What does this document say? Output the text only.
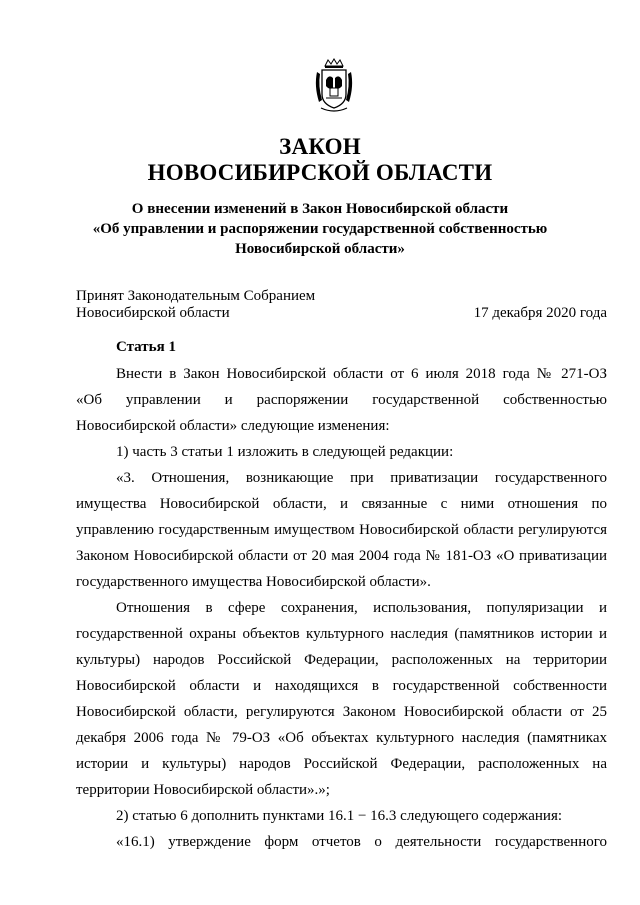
ЗАКОН
НОВОСИБИРСКОЙ ОБЛАСТИ
О внесении изменений в Закон Новосибирской области
«Об управлении и распоряжении государственной собственностью
Новосибирской области»
Принят Законодательным Собранием
Новосибирской области	17 декабря 2020 года
Статья 1
Внести в Закон Новосибирской области от 6 июля 2018 года № 271-ОЗ
«Об управлении и распоряжении государственной собственностью
Новосибирской области» следующие изменения:
1) часть 3 статьи 1 изложить в следующей редакции:
«3. Отношения, возникающие при приватизации государственного
имущества Новосибирской области, и связанные с ними отношения по
управлению государственным имуществом Новосибирской области регулируются
Законом Новосибирской области от 20 мая 2004 года № 181-ОЗ «О приватизации
государственного имущества Новосибирской области».
Отношения в сфере сохранения, использования, популяризации и
государственной охраны объектов культурного наследия (памятников истории и
культуры) народов Российской Федерации, расположенных на территории
Новосибирской области и находящихся в государственной собственности
Новосибирской области, регулируются Законом Новосибирской области от 25
декабря 2006 года № 79-ОЗ «Об объектах культурного наследия (памятниках
истории и культуры) народов Российской Федерации, расположенных на
территории Новосибирской области».»;
2) статью 6 дополнить пунктами 16.1 − 16.3 следующего содержания:
«16.1) утверждение форм отчетов о деятельности государственного
